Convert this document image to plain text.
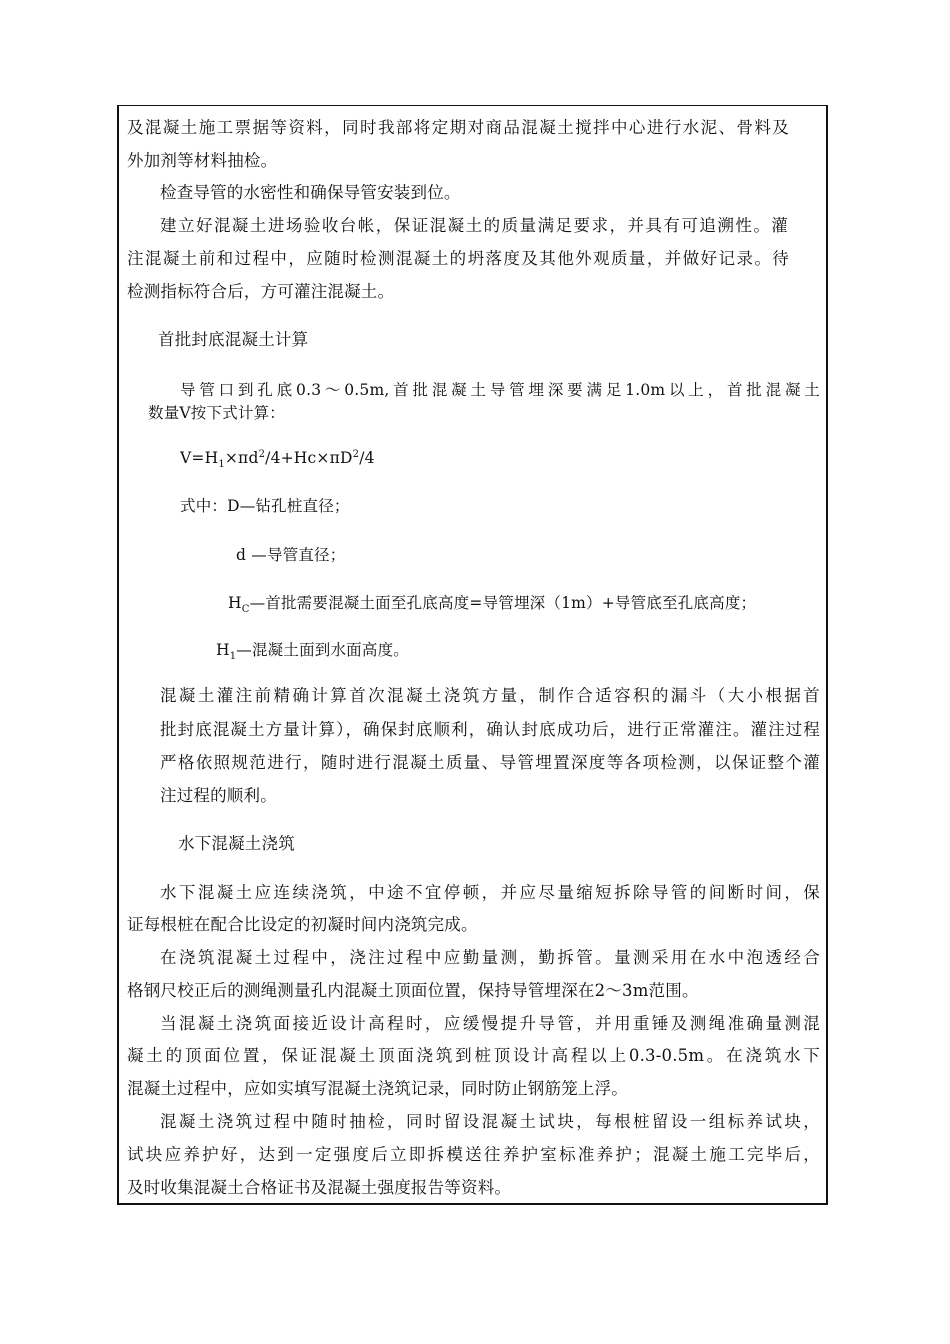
及混凝土施工票据等资料，同时我部将定期对商品混凝土搅拌中心进行水泥、骨料及
外加剂等材料抽检。
检查导管的水密性和确保导管安装到位。
建立好混凝土进场验收台帐，保证混凝土的质量满足要求，并具有可追溯性。灌
注混凝土前和过程中，应随时检测混凝土的坍落度及其他外观质量，并做好记录。待
检测指标符合后，方可灌注混凝土。
首批封底混凝土计算
导管口到孔底0.3～0.5m,首批混凝土导管埋深要满足1.0m以上，首批混凝土
数量V按下式计算：
$V=H_1\times\pi d^2/4+Hc\times\pi D^2/4$
式中：D—钻孔桩直径；
d —导管直径；
$H_C—$首批需要混凝土面至孔底高度=导管埋深（1m）+导管底至孔底高度；
$H_1—$混凝土面到水面高度。
混凝土灌注前精确计算首次混凝土浇筑方量，制作合适容积的漏斗（大小根据首
批封底混凝土方量计算），确保封底顺利，确认封底成功后，进行正常灌注。灌注过程
严格依照规范进行，随时进行混凝土质量、导管埋置深度等各项检测，以保证整个灌
注过程的顺利。
水下混凝土浇筑
水下混凝土应连续浇筑，中途不宜停顿，并应尽量缩短拆除导管的间断时间，保
证每根桩在配合比设定的初凝时间内浇筑完成。
在浇筑混凝土过程中，浇注过程中应勤量测，勤拆管。量测采用在水中泡透经合
格钢尺校正后的测绳测量孔内混凝土顶面位置，保持导管埋深在2～3m范围。
当混凝土浇筑面接近设计高程时，应缓慢提升导管，并用重锤及测绳准确量测混
凝土的顶面位置，保证混凝土顶面浇筑到桩顶设计高程以上0.3-0.5m。在浇筑水下
混凝土过程中，应如实填写混凝土浇筑记录，同时防止钢筋笼上浮。
混凝土浇筑过程中随时抽检，同时留设混凝土试块，每根桩留设一组标养试块，
试块应养护好，达到一定强度后立即拆模送往养护室标准养护；混凝土施工完毕后，
及时收集混凝土合格证书及混凝土强度报告等资料。
